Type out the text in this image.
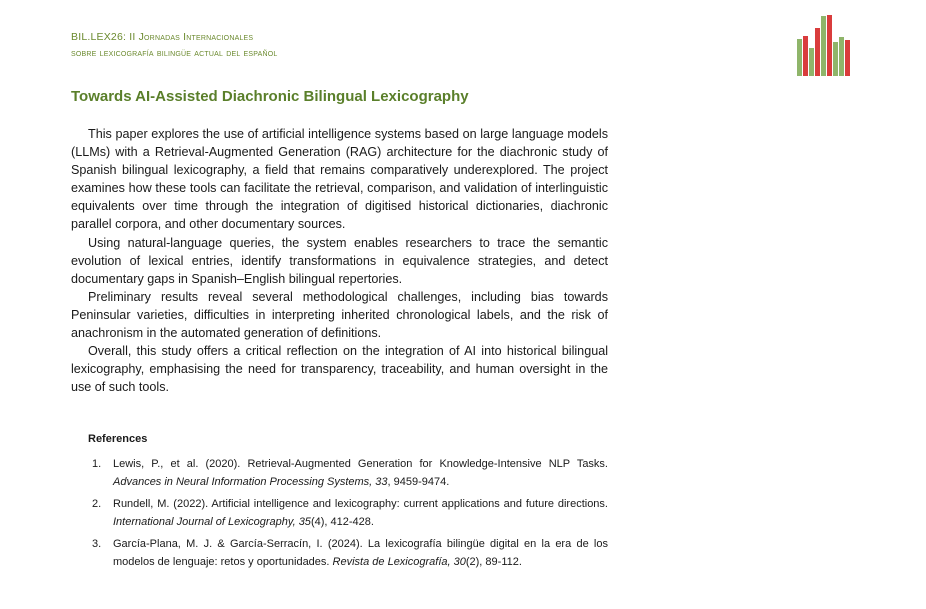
BIL.LEX26: II Jornadas Internacionales
sobre lexicografía bilingüe actual del español
Towards AI-Assisted Diachronic Bilingual Lexicography

This paper explores the use of artificial intelligence systems based on large language models (LLMs) with a Retrieval-Augmented Generation (RAG) architecture for the diachronic study of Spanish bilingual lexicography, a field that remains comparatively underexplored. The project examines how these tools can facilitate the retrieval, comparison, and validation of interlinguistic equivalents over time through the integration of digitised historical dictionaries, diachronic parallel corpora, and other documentary sources.

Using natural-language queries, the system enables researchers to trace the semantic evolution of lexical entries, identify transformations in equivalence strategies, and detect documentary gaps in Spanish–English bilingual repertories.

Preliminary results reveal several methodological challenges, including bias towards Peninsular varieties, difficulties in interpreting inherited chronological labels, and the risk of anachronism in the automated generation of definitions.

Overall, this study offers a critical reflection on the integration of AI into historical bilingual lexicography, emphasising the need for transparency, traceability, and human oversight in the use of such tools.

References
1. Lewis, P., et al. (2020). Retrieval-Augmented Generation for Knowledge-Intensive NLP Tasks. Advances in Neural Information Processing Systems, 33, 9459-9474.
2. Rundell, M. (2022). Artificial intelligence and lexicography: current applications and future directions. International Journal of Lexicography, 35(4), 412-428.
3. García-Plana, M. J. & García-Serracín, I. (2024). La lexicografía bilingüe digital en la era de los modelos de lenguaje: retos y oportunidades. Revista de Lexicografía, 30(2), 89-112.
